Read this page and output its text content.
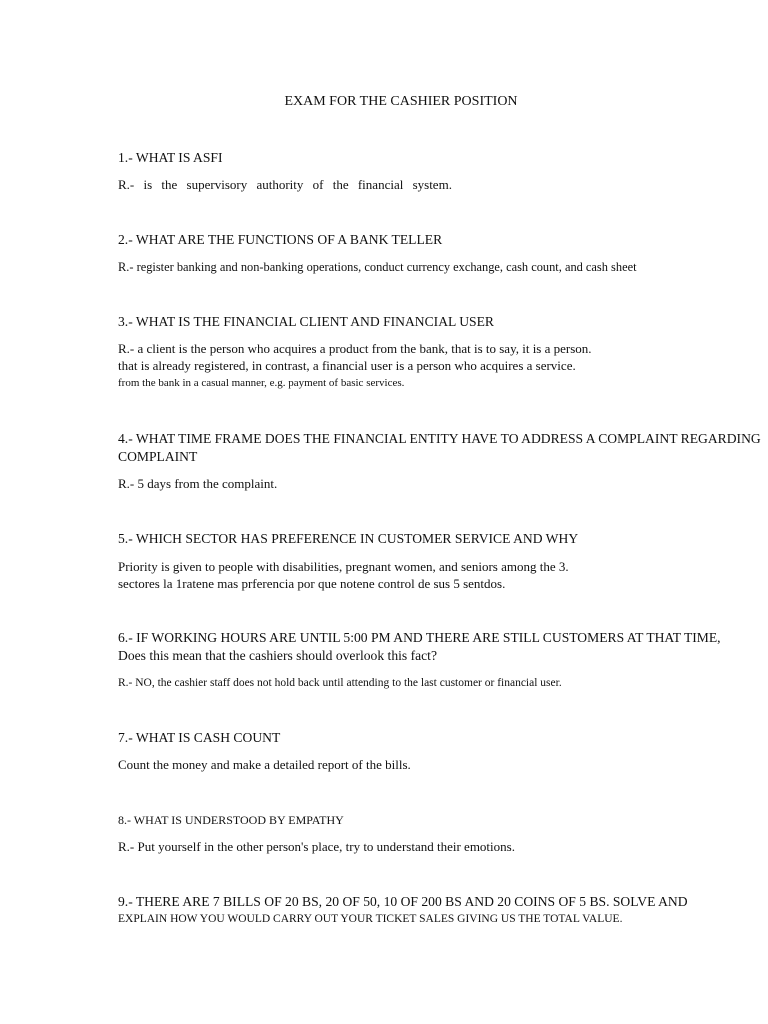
EXAM FOR THE CASHIER POSITION
1.- WHAT IS ASFI
R.- is the supervisory authority of the financial system.
2.- WHAT ARE THE FUNCTIONS OF A BANK TELLER
R.- register banking and non-banking operations, conduct currency exchange, cash count, and cash sheet
3.- WHAT IS THE FINANCIAL CLIENT AND FINANCIAL USER
R.- a client is the person who acquires a product from the bank, that is to say, it is a person.
that is already registered, in contrast, a financial user is a person who acquires a service.
from the bank in a casual manner, e.g. payment of basic services.
4.- WHAT TIME FRAME DOES THE FINANCIAL ENTITY HAVE TO ADDRESS A COMPLAINT REGARDING
COMPLAINT
R.- 5 days from the complaint.
5.- WHICH SECTOR HAS PREFERENCE IN CUSTOMER SERVICE AND WHY
Priority is given to people with disabilities, pregnant women, and seniors among the 3.
sectores la 1ratene mas prferencia por que notene control de sus 5 sentdos.
6.- IF WORKING HOURS ARE UNTIL 5:00 PM AND THERE ARE STILL CUSTOMERS AT THAT TIME,
Does this mean that the cashiers should overlook this fact?
R.- NO, the cashier staff does not hold back until attending to the last customer or financial user.
7.- WHAT IS CASH COUNT
Count the money and make a detailed report of the bills.
8.- WHAT IS UNDERSTOOD BY EMPATHY
R.- Put yourself in the other person's place, try to understand their emotions.
9.- THERE ARE 7 BILLS OF 20 BS, 20 OF 50, 10 OF 200 BS AND 20 COINS OF 5 BS. SOLVE AND
EXPLAIN HOW YOU WOULD CARRY OUT YOUR TICKET SALES GIVING US THE TOTAL VALUE.
